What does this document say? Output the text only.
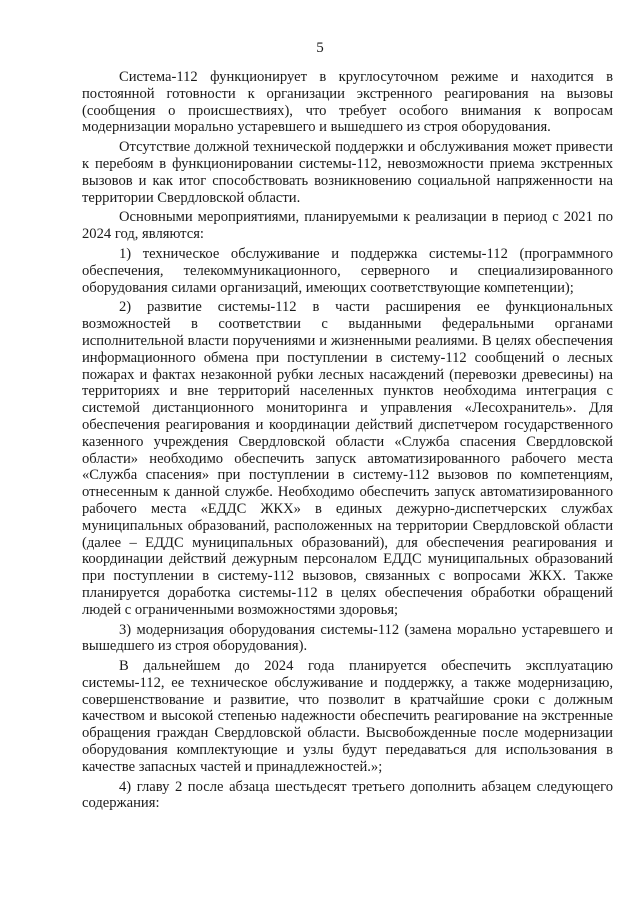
5

Система-112 функционирует в круглосуточном режиме и находится в постоянной готовности к организации экстренного реагирования на вызовы (сообщения о происшествиях), что требует особого внимания к вопросам модернизации морально устаревшего и вышедшего из строя оборудования.

Отсутствие должной технической поддержки и обслуживания может привести к перебоям в функционировании системы-112, невозможности приема экстренных вызовов и как итог способствовать возникновению социальной напряженности на территории Свердловской области.

Основными мероприятиями, планируемыми к реализации в период с 2021 по 2024 год, являются:

1) техническое обслуживание и поддержка системы-112 (программного обеспечения, телекоммуникационного, серверного и специализированного оборудования силами организаций, имеющих соответствующие компетенции);

2) развитие системы-112 в части расширения ее функциональных возможностей в соответствии с выданными федеральными органами исполнительной власти поручениями и жизненными реалиями. В целях обеспечения информационного обмена при поступлении в систему-112 сообщений о лесных пожарах и фактах незаконной рубки лесных насаждений (перевозки древесины) на территориях и вне территорий населенных пунктов необходима интеграция с системой дистанционного мониторинга и управления «Лесохранитель». Для обеспечения реагирования и координации действий диспетчером государственного казенного учреждения Свердловской области «Служба спасения Свердловской области» необходимо обеспечить запуск автоматизированного рабочего места «Служба спасения» при поступлении в систему-112 вызовов по компетенциям, отнесенным к данной службе. Необходимо обеспечить запуск автоматизированного рабочего места «ЕДДС ЖКХ» в единых дежурно-диспетчерских службах муниципальных образований, расположенных на территории Свердловской области (далее – ЕДДС муниципальных образований), для обеспечения реагирования и координации действий дежурным персоналом ЕДДС муниципальных образований при поступлении в систему-112 вызовов, связанных с вопросами ЖКХ. Также планируется доработка системы-112 в целях обеспечения обработки обращений людей с ограниченными возможностями здоровья;

3) модернизация оборудования системы-112 (замена морально устаревшего и вышедшего из строя оборудования).

В дальнейшем до 2024 года планируется обеспечить эксплуатацию системы-112, ее техническое обслуживание и поддержку, а также модернизацию, совершенствование и развитие, что позволит в кратчайшие сроки с должным качеством и высокой степенью надежности обеспечить реагирование на экстренные обращения граждан Свердловской области. Высвобожденные после модернизации оборудования комплектующие и узлы будут передаваться для использования в качестве запасных частей и принадлежностей.»;

4) главу 2 после абзаца шестьдесят третьего дополнить абзацем следующего содержания:
